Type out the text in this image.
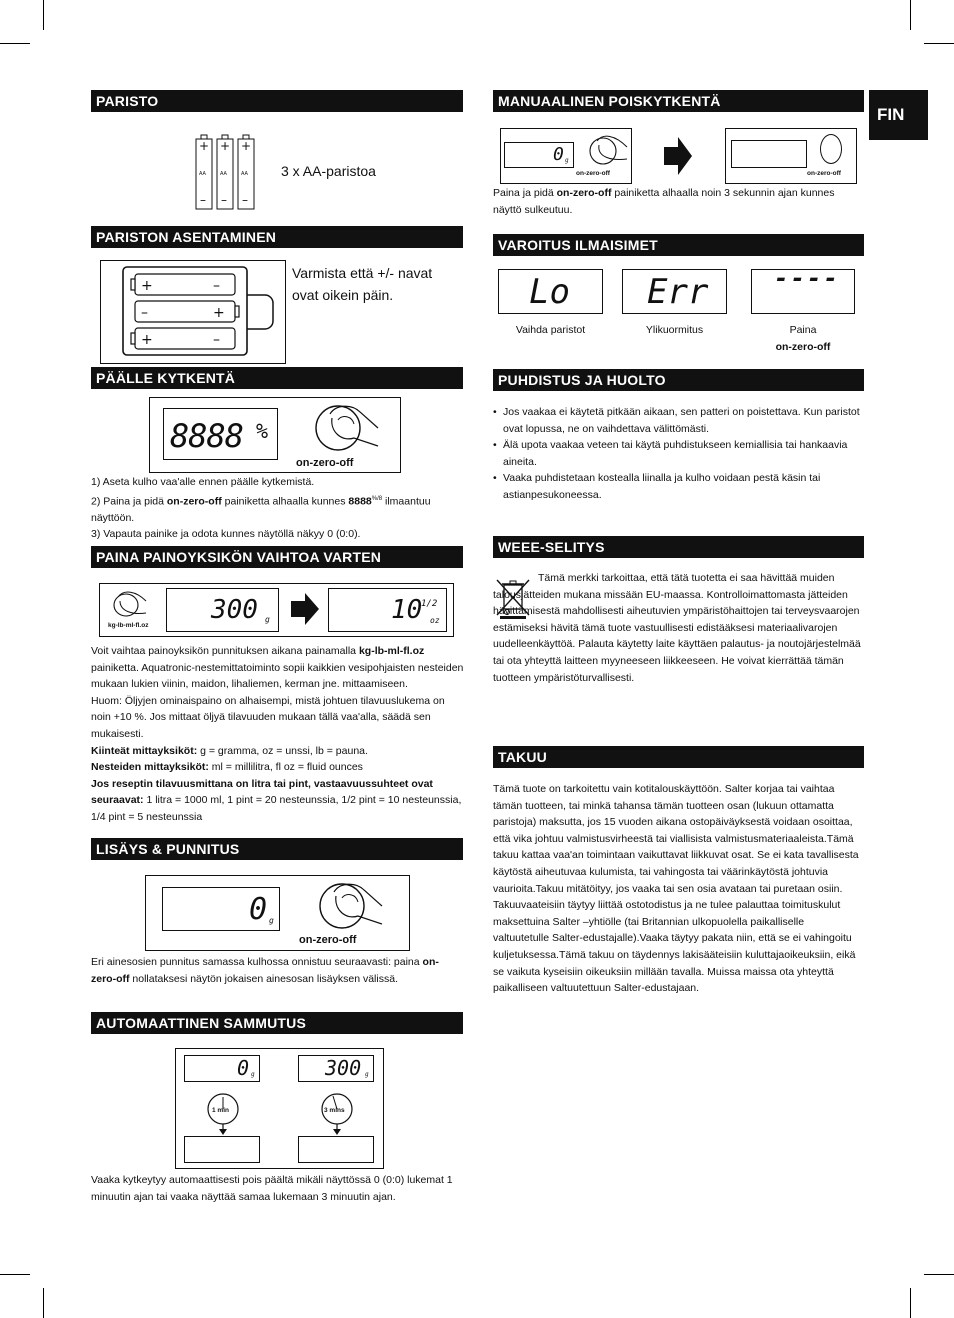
FIN
PARISTO
+ + +
– – –
AA	AA	AA 3 x AA-paristoa
PARISTON ASENTAMINEN
+	–
–	+
+	–

Varmista että +/- navat

ovat oikein päin.

PÄÄLLE KYTKENTÄ
8888 %
on-zero-off

1) Aseta kulho vaa'alle ennen päälle kytkemistä.

2) Paina ja pidä on-zero-off painiketta alhaalla kunnes $8888^{\%/8}$ ilmaantuu näyttöön.

3) Vapauta painike ja odota kunnes näytöllä näkyy 0 (0:0).

PAINA PAINOYKSIKÖN VAIHTOA VARTEN
kg-lb-ml-fl.oz
300 g	10
1/2
oz

Voit vaihtaa painoyksikön punnituksen aikana painamalla kg-lb-ml-fl.oz painiketta. Aquatronic-nestemittatoiminto sopii kaikkien vesipohjaisten nesteiden mukaan lukien viinin, maidon, lihaliemen, kerman jne. mittaamiseen.

Huom: Öljyjen ominaispaino on alhaisempi, mistä johtuen tilavuuslukema on noin +10 %. Jos mittaat öljyä tilavuuden mukaan tällä vaa'alla, säädä sen mukaisesti.

Kiinteät mittayksiköt: g = gramma, oz = unssi, lb = pauna.

Nesteiden mittayksiköt: ml = millilitra, fl oz = fluid ounces

Jos reseptin tilavuusmittana on litra tai pint, vastaavuussuhteet ovat seuraavat: 1 litra = 1000 ml, 1 pint = 20 nesteunssia, 1/2 pint = 10 nesteunssia, 1/4 pint = 5 nesteunssia

LISÄYS & PUNNITUS
0 g
on-zero-off

Eri ainesosien punnitus samassa kulhossa onnistuu seuraavasti: paina on-zero-off nollataksesi näytön jokaisen ainesosan lisäyksen välissä.

AUTOMAATTINEN SAMMUTUS
0 g	300 g
1 min	3 mins

Vaaka kytkeytyy automaattisesti pois päältä mikäli näyttössä 0 (0:0) lukemat 1 minuutin ajan tai vaaka näyttää samaa lukemaan 3 minuutin ajan.

MANUAALINEN POISKYTKENTÄ
0 g
on-zero-off	on-zero-off

Paina ja pidä on-zero-off painiketta alhaalla noin 3 sekunnin ajan kunnes näyttö sulkeutuu.

VAROITUS ILMAISIMET
Lo Err	----
Vaihda paristot	Ylikuormitus	Paina

on-zero-off

PUHDISTUS JA HUOLTO
• Jos vaakaa ei käytetä pitkään aikaan, sen patteri on poistettava. Kun paristot ovat lopussa, ne on vaihdettava välittömästi.
• Älä upota vaakaa veteen tai käytä puhdistukseen kemiallisia tai hankaavia aineita.
• Vaaka puhdistetaan kostealla liinalla ja kulho voidaan pestä käsin tai astianpesukoneessa.
WEEE-SELITYS

Tämä merkki tarkoittaa, että tätä tuotetta ei saa hävittää muiden talousjätteiden mukana missään EU-maassa. Kontrolloimattomasta jätteiden hävittämisestä mahdollisesti aiheutuvien ympäristöhaittojen tai terveysvaarojen estämiseksi hävitä tämä tuote vastuullisesti edistääksesi materiaalivarojen uudelleenkäyttöä. Palauta käytetty laite käyttäen palautus- ja noutojärjestelmää tai ota yhteyttä laitteen myyneeseen liikkeeseen. He voivat kierrättää tämän tuotteen ympäristöturvallisesti.

TAKUU

Tämä tuote on tarkoitettu vain kotitalouskäyttöön. Salter korjaa tai vaihtaa tämän tuotteen, tai minkä tahansa tämän tuotteen osan (lukuun ottamatta paristoja) maksutta, jos 15 vuoden aikana ostopäiväyksestä voidaan osoittaa, että vika johtuu valmistusvirheestä tai viallisista valmistusmateriaaleista.Tämä takuu kattaa vaa'an toimintaan vaikuttavat liikkuvat osat. Se ei kata tavallisesta käytöstä aiheutuvaa kulumista, tai vahingosta tai väärinkäytöstä johtuvia vaurioita.Takuu mitätöityy, jos vaaka tai sen osia avataan tai puretaan osiin. Takuuvaateisiin täytyy liittää ostotodistus ja ne tulee palauttaa toimituskulut maksettuina Salter –yhtiölle (tai Britannian ulkopuolella paikalliselle valtuutetulle Salter-edustajalle).Vaaka täytyy pakata niin, että se ei vahingoitu kuljetuksessa.Tämä takuu on täydennys lakisääteisiin kuluttajaoikeuksiin, eikä se vaikuta kyseisiin oikeuksiin millään tavalla. Muissa maissa ota yhteyttä paikalliseen valtuutettuun Salter-edustajaan.
